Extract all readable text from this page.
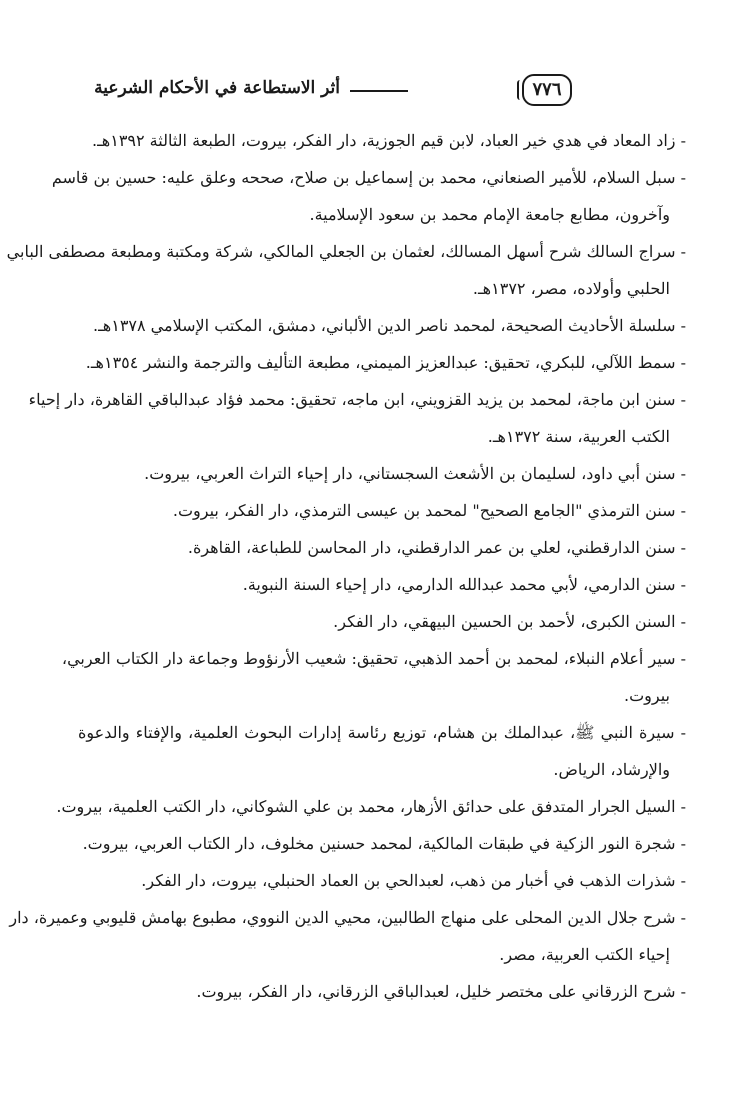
٧٧٦
أثر الاستطاعة في الأحكام الشرعية

- زاد المعاد في هدي خير العباد، لابن قيم الجوزية، دار الفكر، بيروت، الطبعة الثالثة ١٣٩٢هـ.

- سبل السلام، للأمير الصنعاني، محمد بن إسماعيل بن صلاح، صححه وعلق عليه: حسين بن قاسم
وآخرون، مطابع جامعة الإمام محمد بن سعود الإسلامية.

- سراج السالك شرح أسهل المسالك، لعثمان بن الجعلي المالكي، شركة ومكتبة ومطبعة مصطفى البابي
الحلبي وأولاده، مصر، ١٣٧٢هـ.

- سلسلة الأحاديث الصحيحة، لمحمد ناصر الدين الألباني، دمشق، المكتب الإسلامي ١٣٧٨هـ.

- سمط اللآلي، للبكري، تحقيق: عبدالعزيز الميمني، مطبعة التأليف والترجمة والنشر ١٣٥٤هـ.

- سنن ابن ماجة، لمحمد بن يزيد القزويني، ابن ماجه، تحقيق: محمد فؤاد عبدالباقي القاهرة، دار إحياء
الكتب العربية، سنة ١٣٧٢هـ.

- سنن أبي داود، لسليمان بن الأشعث السجستاني، دار إحياء التراث العربي، بيروت.

- سنن الترمذي "الجامع الصحيح" لمحمد بن عيسى الترمذي، دار الفكر، بيروت.

- سنن الدارقطني، لعلي بن عمر الدارقطني، دار المحاسن للطباعة، القاهرة.

- سنن الدارمي، لأبي محمد عبدالله الدارمي، دار إحياء السنة النبوية.

- السنن الكبرى، لأحمد بن الحسين البيهقي، دار الفكر.

- سير أعلام النبلاء، لمحمد بن أحمد الذهبي، تحقيق: شعيب الأرنؤوط وجماعة دار الكتاب العربي،
بيروت.

- سيرة النبي ﷺ، عبدالملك بن هشام، توزيع رئاسة إدارات البحوث العلمية، والإفتاء والدعوة
والإرشاد، الرياض.

- السيل الجرار المتدفق على حدائق الأزهار، محمد بن علي الشوكاني، دار الكتب العلمية، بيروت.

- شجرة النور الزكية في طبقات المالكية، لمحمد حسنين مخلوف، دار الكتاب العربي، بيروت.

- شذرات الذهب في أخبار من ذهب، لعبدالحي بن العماد الحنبلي، بيروت، دار الفكر.

- شرح جلال الدين المحلى على منهاج الطالبين، محيي الدين النووي، مطبوع بهامش قليوبي وعميرة، دار
إحياء الكتب العربية، مصر.

- شرح الزرقاني على مختصر خليل، لعبدالباقي الزرقاني، دار الفكر، بيروت.
